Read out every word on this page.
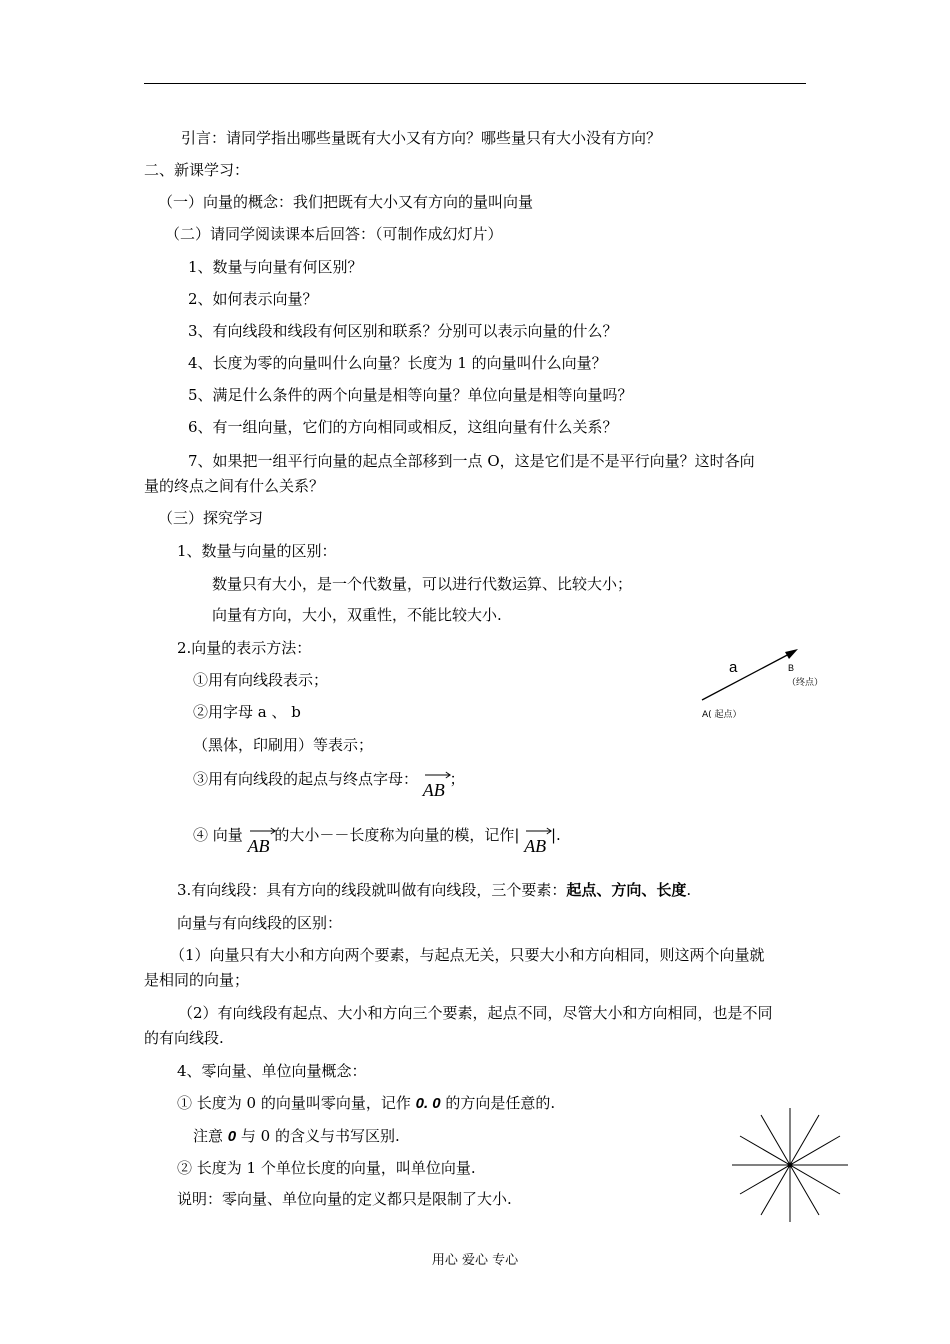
引言：请同学指出哪些量既有大小又有方向？哪些量只有大小没有方向？
二、新课学习：
（一）向量的概念：我们把既有大小又有方向的量叫向量
（二）请同学阅读课本后回答：（可制作成幻灯片）
1、数量与向量有何区别？
2、如何表示向量？
3、有向线段和线段有何区别和联系？分别可以表示向量的什么？
4、长度为零的向量叫什么向量？长度为 1 的向量叫什么向量？
5、满足什么条件的两个向量是相等向量？单位向量是相等向量吗？
6、有一组向量，它们的方向相同或相反，这组向量有什么关系？
7、如果把一组平行向量的起点全部移到一点 O，这是它们是不是平行向量？这时各向
量的终点之间有什么关系？
（三）探究学习
1、数量与向量的区别：
数量只有大小，是一个代数量，可以进行代数运算、比较大小；
向量有方向，大小，双重性，不能比较大小.
2.向量的表示方法：
①用有向线段表示；
②用字母 a 、 b
（黑体，印刷用）等表示；
③用有向线段的起点与终点字母：
AB ；
④ 向量
AB 的大小－－长度称为向量的模，记作|
AB |.
3.有向线段：具有方向的线段就叫做有向线段，三个要素：起点、方向、长度.
向量与有向线段的区别：
（1）向量只有大小和方向两个要素，与起点无关，只要大小和方向相同，则这两个向量就
是相同的向量；
（2）有向线段有起点、大小和方向三个要素，起点不同，尽管大小和方向相同，也是不同
的有向线段.
4、零向量、单位向量概念：
① 长度为 0 的向量叫零向量，记作 0. 0 的方向是任意的.
注意 0 与 0 的含义与书写区别.
② 长度为 1 个单位长度的向量，叫单位向量.
说明：零向量、单位向量的定义都只是限制了大小.
a	B
（终点）
A( 起点）
用心 爱心 专心
